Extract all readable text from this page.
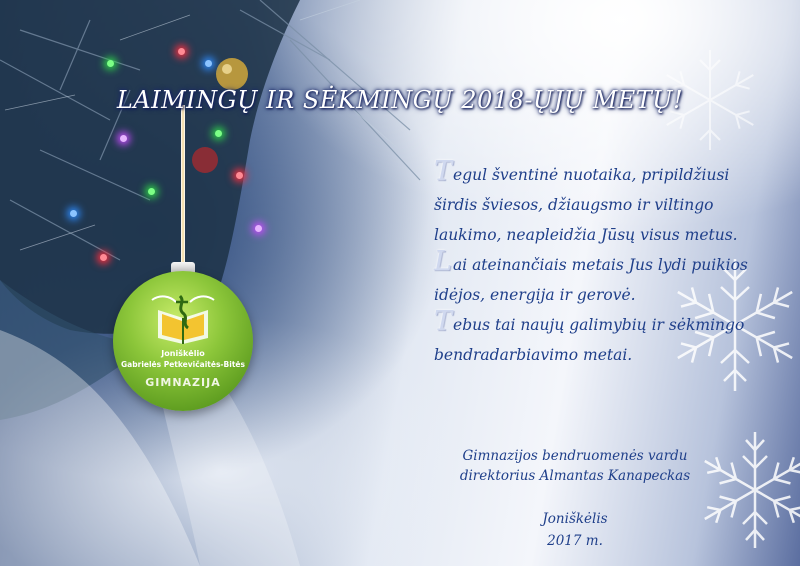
Joniškėlio
Gabrielės Petkevičaitės-Bitės
GIMNAZIJA
LAIMINGŲ IR SĖKMINGŲ 2018-ŲJŲ METŲ!

Tegul šventinė nuotaika, pripildžiusi

širdis šviesos, džiaugsmo ir viltingo

laukimo, neapleidžia Jūsų visus metus.

Lai ateinančiais metais Jus lydi puikios

idėjos, energija ir gerovė.

Tebus tai naujų galimybių ir sėkmingo

bendradarbiavimo metai.

Gimnazijos bendruomenės vardu
direktorius Almantas Kanapeckas
Joniškėlis
2017 m.
